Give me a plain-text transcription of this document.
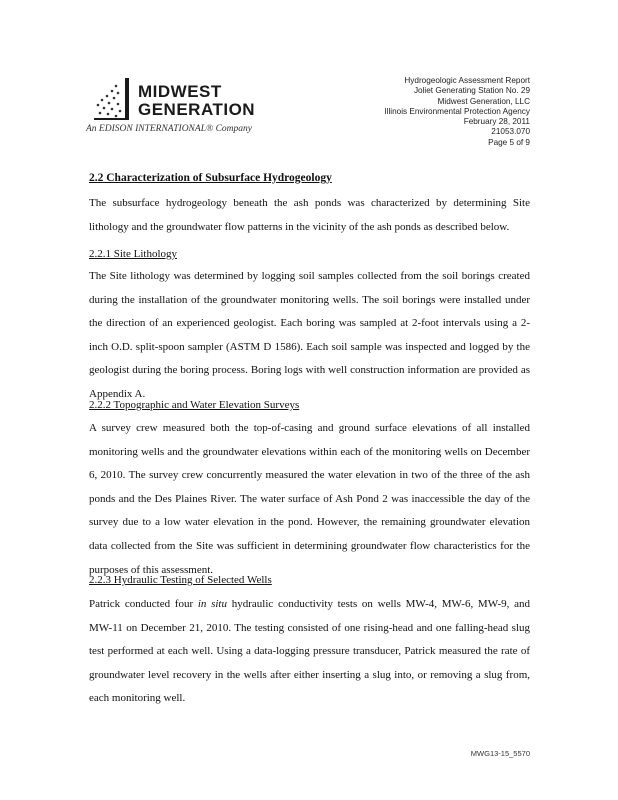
MIDWEST
GENERATION
An EDISON INTERNATIONAL® Company
Hydrogeologic Assessment Report
Joliet Generating Station No. 29
Midwest Generation, LLC
Illinois Environmental Protection Agency
February 28, 2011
21053.070
Page 5 of 9
2.2 Characterization of Subsurface Hydrogeology
The subsurface hydrogeology beneath the ash ponds was characterized by determining Site lithology and the groundwater flow patterns in the vicinity of the ash ponds as described below.
2.2.1 Site Lithology
The Site lithology was determined by logging soil samples collected from the soil borings created during the installation of the groundwater monitoring wells. The soil borings were installed under the direction of an experienced geologist. Each boring was sampled at 2-foot intervals using a 2-inch O.D. split-spoon sampler (ASTM D 1586). Each soil sample was inspected and logged by the geologist during the boring process. Boring logs with well construction information are provided as Appendix A.
2.2.2 Topographic and Water Elevation Surveys
A survey crew measured both the top-of-casing and ground surface elevations of all installed monitoring wells and the groundwater elevations within each of the monitoring wells on December 6, 2010. The survey crew concurrently measured the water elevation in two of the three of the ash ponds and the Des Plaines River. The water surface of Ash Pond 2 was inaccessible the day of the survey due to a low water elevation in the pond. However, the remaining groundwater elevation data collected from the Site was sufficient in determining groundwater flow characteristics for the purposes of this assessment.
2.2.3 Hydraulic Testing of Selected Wells
Patrick conducted four in situ hydraulic conductivity tests on wells MW-4, MW-6, MW-9, and MW-11 on December 21, 2010. The testing consisted of one rising-head and one falling-head slug test performed at each well. Using a data-logging pressure transducer, Patrick measured the rate of groundwater level recovery in the wells after either inserting a slug into, or removing a slug from, each monitoring well.
MWG13-15_5570
